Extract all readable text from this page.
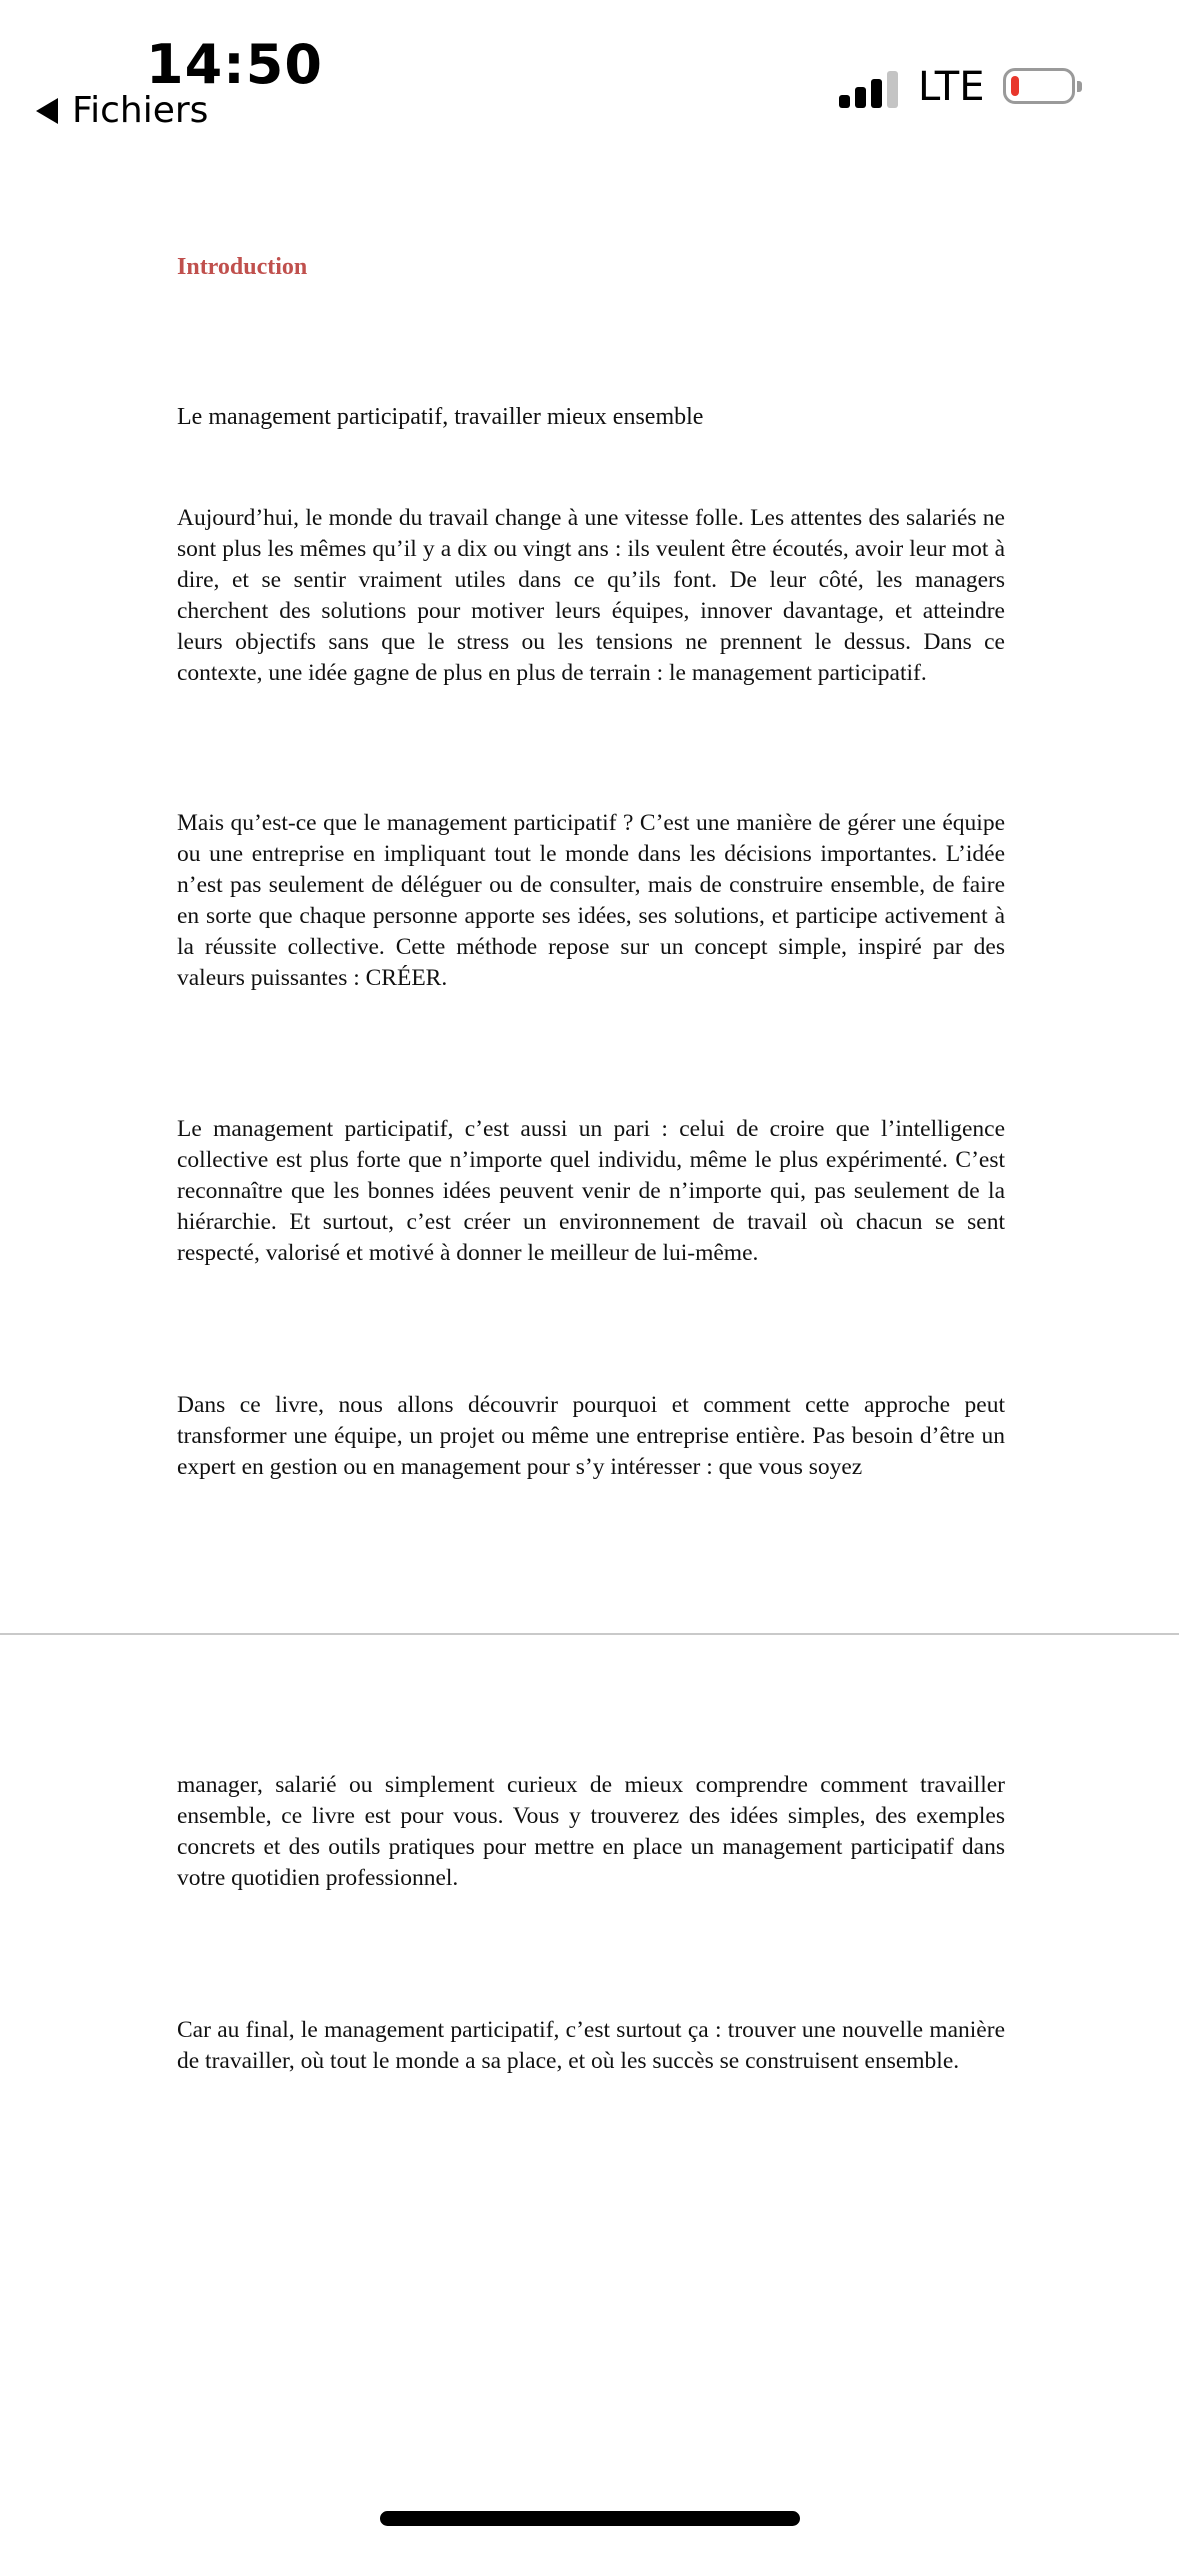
14:50
Fichiers
LTE
Introduction
Le management participatif, travailler mieux ensemble

Aujourd’hui, le monde du travail change à une vitesse folle. Les attentes des salariés ne sont plus les mêmes qu’il y a dix ou vingt ans : ils veulent être écoutés, avoir leur mot à dire, et se sentir vraiment utiles dans ce qu’ils font. De leur côté, les managers cherchent des solutions pour motiver leurs équipes, innover davantage, et atteindre leurs objectifs sans que le stress ou les tensions ne prennent le dessus. Dans ce contexte, une idée gagne de plus en plus de terrain : le management participatif.

Mais qu’est-ce que le management participatif ? C’est une manière de gérer une équipe ou une entreprise en impliquant tout le monde dans les décisions importantes. L’idée n’est pas seulement de déléguer ou de consulter, mais de construire ensemble, de faire en sorte que chaque personne apporte ses idées, ses solutions, et participe activement à la réussite collective. Cette méthode repose sur un concept simple, inspiré par des valeurs puissantes : CRÉER.

Le management participatif, c’est aussi un pari : celui de croire que l’intelligence collective est plus forte que n’importe quel individu, même le plus expérimenté. C’est reconnaître que les bonnes idées peuvent venir de n’importe qui, pas seulement de la hiérarchie. Et surtout, c’est créer un environnement de travail où chacun se sent respecté, valorisé et motivé à donner le meilleur de lui-même.

Dans ce livre, nous allons découvrir pourquoi et comment cette approche peut transformer une équipe, un projet ou même une entreprise entière. Pas besoin d’être un expert en gestion ou en management pour s’y intéresser : que vous soyez

manager, salarié ou simplement curieux de mieux comprendre comment travailler ensemble, ce livre est pour vous. Vous y trouverez des idées simples, des exemples concrets et des outils pratiques pour mettre en place un management participatif dans votre quotidien professionnel.

Car au final, le management participatif, c’est surtout ça : trouver une nouvelle manière de travailler, où tout le monde a sa place, et où les succès se construisent ensemble.
